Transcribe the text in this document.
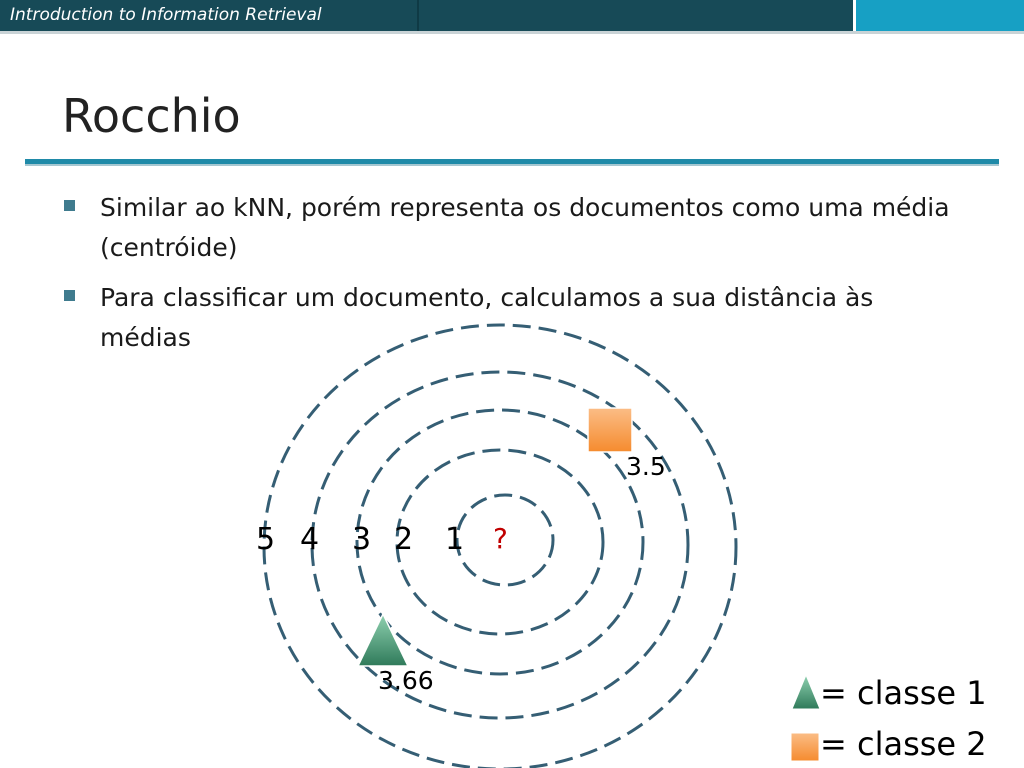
Introduction to Information Retrieval
Rocchio
Similar ao kNN, porém representa os documentos como uma média (centróide)
Para classificar um documento, calculamos a sua distância às médias
5 4 3 2 1 ?
3.5
3.66	= classe 1
= classe 2
